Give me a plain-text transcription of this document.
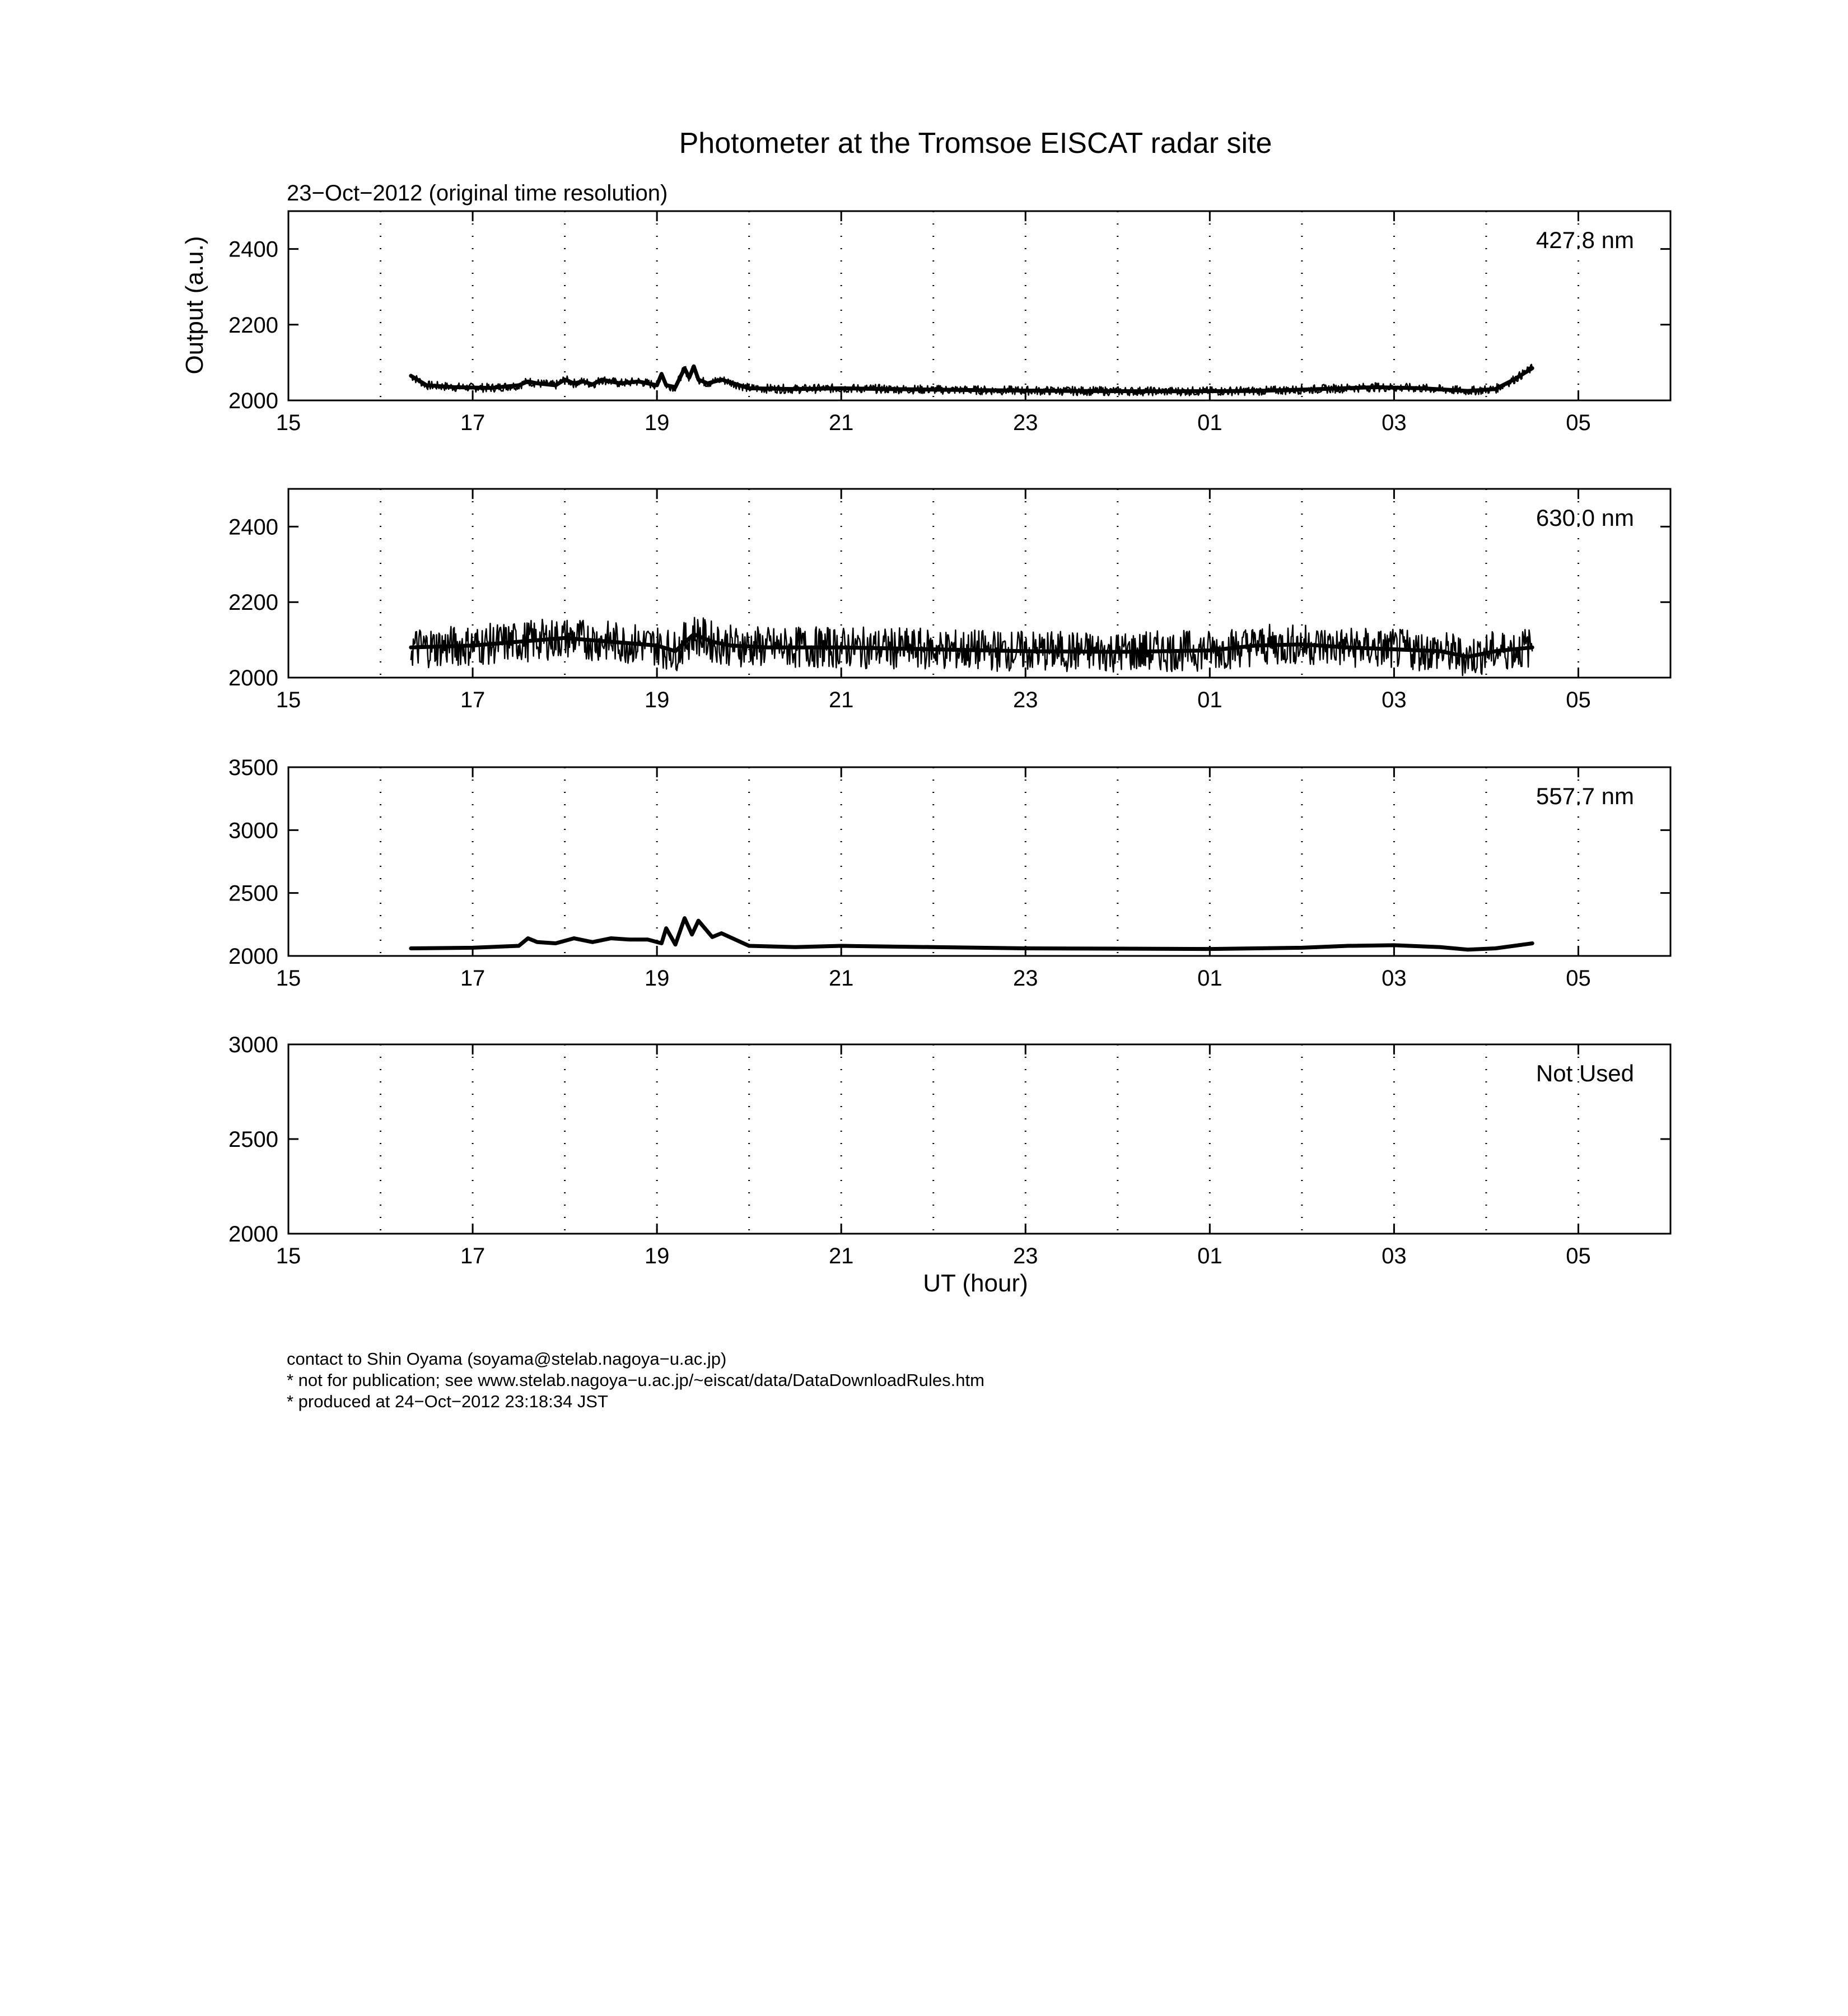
Photometer at the Tromsoe EISCAT radar site
23−Oct−2012 (original time resolution)
Output (a.u.)
UT (hour)
15	17	19	21	23	01	03	05
2000
2200
2400	427.8 nm
15	17	19	21	23	01	03	05
2000
2200
2400	630.0 nm
15	17	19	21	23	01	03	05
2000
2500
3000
3500
557.7 nm
15	17	19	21	23	01	03	05
2000
2500
3000
Not Used
contact to Shin Oyama (soyama@stelab.nagoya−u.ac.jp)
* not for publication; see www.stelab.nagoya−u.ac.jp/~eiscat/data/DataDownloadRules.htm
* produced at 24−Oct−2012 23:18:34 JST
